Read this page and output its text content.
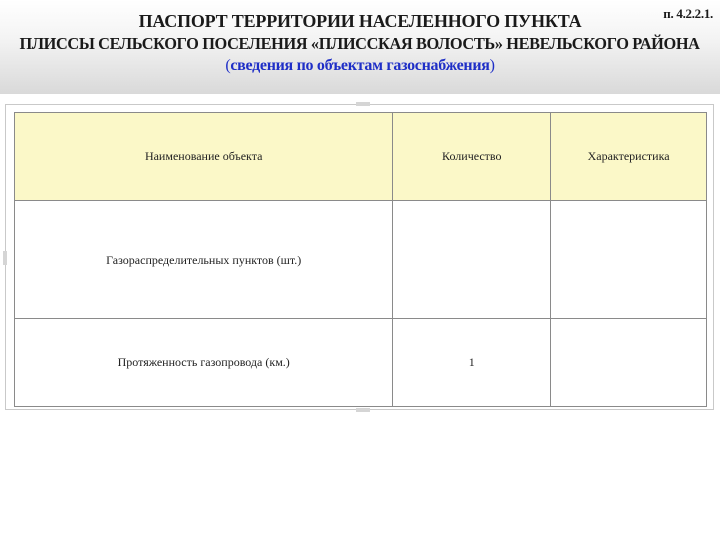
п. 4.2.2.1.
ПАСПОРТ ТЕРРИТОРИИ НАСЕЛЕННОГО ПУНКТА
ПЛИССЫ СЕЛЬСКОГО ПОСЕЛЕНИЯ «ПЛИССКАЯ ВОЛОСТЬ» НЕВЕЛЬСКОГО РАЙОНА
(сведения по объектам газоснабжения)
Наименование объекта	Количество	Характеристика
Газораспределительных пунктов (шт.)		
Протяженность газопровода (км.)	1	
